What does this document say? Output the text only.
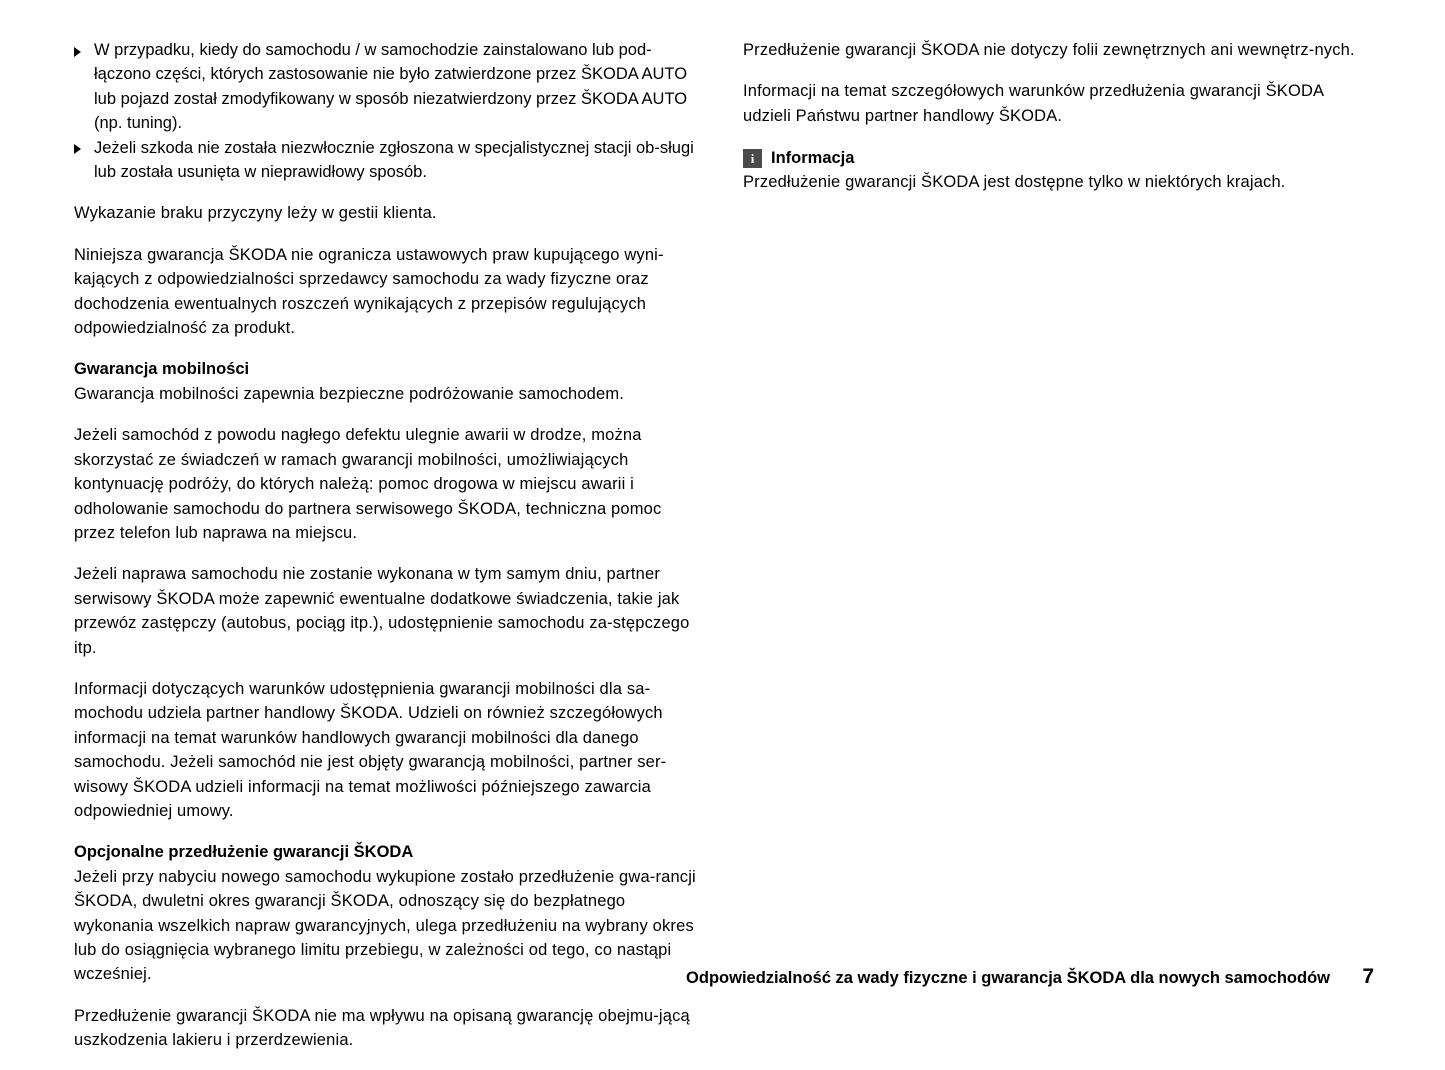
W przypadku, kiedy do samochodu / w samochodzie zainstalowano lub pod-łączono części, których zastosowanie nie było zatwierdzone przez ŠKODA AUTO lub pojazd został zmodyfikowany w sposób niezatwierdzony przez ŠKODA AUTO (np. tuning).
Jeżeli szkoda nie została niezwłocznie zgłoszona w specjalistycznej stacji ob-sługi lub została usunięta w nieprawidłowy sposób.

Wykazanie braku przyczyny leży w gestii klienta.

Niniejsza gwarancja ŠKODA nie ogranicza ustawowych praw kupującego wyni-kających z odpowiedzialności sprzedawcy samochodu za wady fizyczne oraz dochodzenia ewentualnych roszczeń wynikających z przepisów regulujących odpowiedzialność za produkt.

Gwarancja mobilności

Gwarancja mobilności zapewnia bezpieczne podróżowanie samochodem.

Jeżeli samochód z powodu nagłego defektu ulegnie awarii w drodze, można skorzystać ze świadczeń w ramach gwarancji mobilności, umożliwiających kontynuację podróży, do których należą: pomoc drogowa w miejscu awarii i odholowanie samochodu do partnera serwisowego ŠKODA, techniczna pomoc przez telefon lub naprawa na miejscu.

Jeżeli naprawa samochodu nie zostanie wykonana w tym samym dniu, partner serwisowy ŠKODA może zapewnić ewentualne dodatkowe świadczenia, takie jak przewóz zastępczy (autobus, pociąg itp.), udostępnienie samochodu za-stępczego itp.

Informacji dotyczących warunków udostępnienia gwarancji mobilności dla sa-mochodu udziela partner handlowy ŠKODA. Udzieli on również szczegółowych informacji na temat warunków handlowych gwarancji mobilności dla danego samochodu. Jeżeli samochód nie jest objęty gwarancją mobilności, partner ser-wisowy ŠKODA udzieli informacji na temat możliwości późniejszego zawarcia odpowiedniej umowy.

Opcjonalne przedłużenie gwarancji ŠKODA

Jeżeli przy nabyciu nowego samochodu wykupione zostało przedłużenie gwa-rancji ŠKODA, dwuletni okres gwarancji ŠKODA, odnoszący się do bezpłatnego wykonania wszelkich napraw gwarancyjnych, ulega przedłużeniu na wybrany okres lub do osiągnięcia wybranego limitu przebiegu, w zależności od tego, co nastąpi wcześniej.

Przedłużenie gwarancji ŠKODA nie ma wpływu na opisaną gwarancję obejmu-jącą uszkodzenia lakieru i przerdzewienia.

Przedłużenie gwarancji ŠKODA nie dotyczy folii zewnętrznych ani wewnętrz-nych.

Informacji na temat szczegółowych warunków przedłużenia gwarancji ŠKODA udzieli Państwu partner handlowy ŠKODA.

i	Informacja

Przedłużenie gwarancji ŠKODA jest dostępne tylko w niektórych krajach.

Odpowiedzialność za wady fizyczne i gwarancja ŠKODA dla nowych samochodów 7
